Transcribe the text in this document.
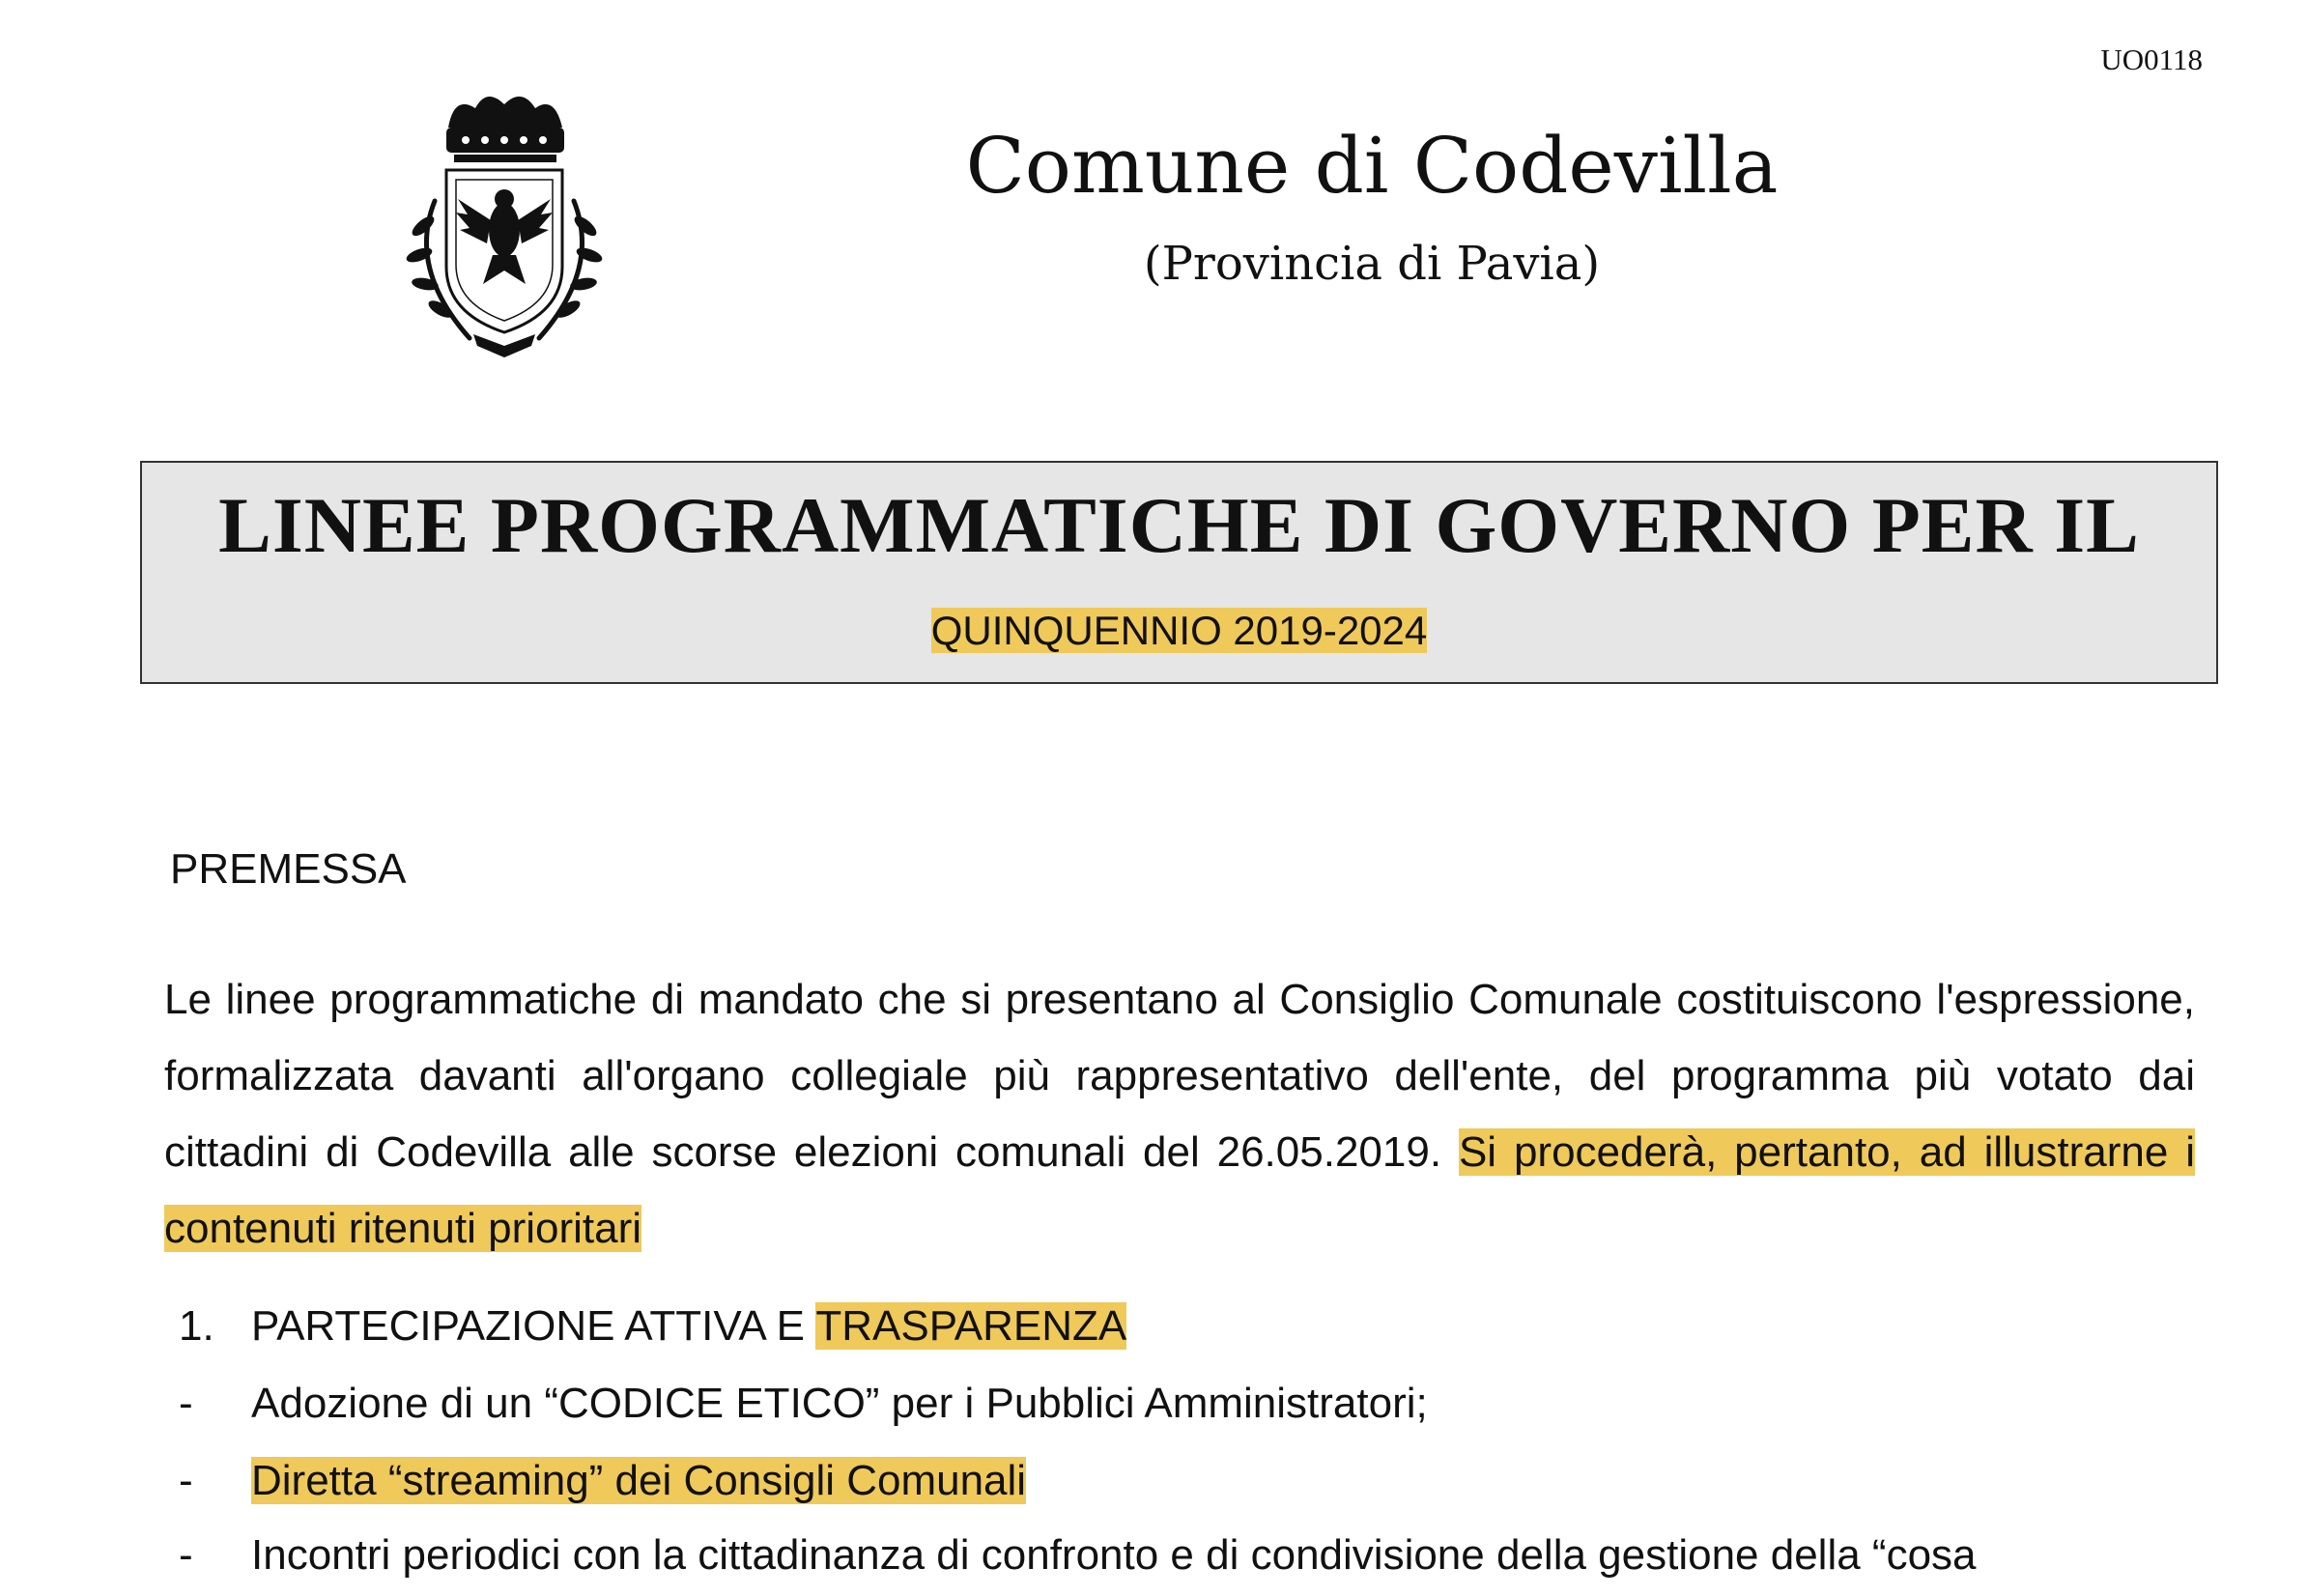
UO0118
Comune di Codevilla
(Provincia di Pavia)
LINEE PROGRAMMATICHE DI GOVERNO PER IL
QUINQUENNIO 2019-2024
PREMESSA

Le linee programmatiche di mandato che si presentano al Consiglio Comunale costituiscono l'espressione, formalizzata davanti all'organo collegiale più rappresentativo dell'ente, del programma più votato dai cittadini di Codevilla alle scorse elezioni comunali del 26.05.2019. Si procederà, pertanto, ad illustrarne i contenuti ritenuti prioritari

1. PARTECIPAZIONE ATTIVA E TRASPARENZA
- Adozione di un “CODICE ETICO” per i Pubblici Amministratori;
- Diretta “streaming” dei Consigli Comunali
- Incontri periodici con la cittadinanza di confronto e di condivisione della gestione della “cosa
